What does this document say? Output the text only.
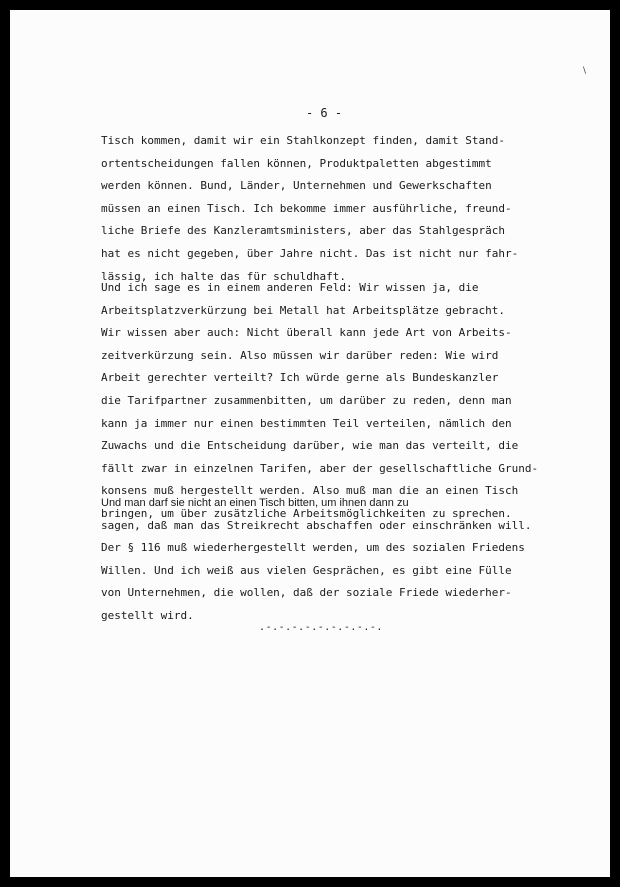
\
- 6 -

Tisch kommen, damit wir ein Stahlkonzept finden, damit Stand-
ortentscheidungen fallen können, Produktpaletten abgestimmt
werden können. Bund, Länder, Unternehmen und Gewerkschaften
müssen an einen Tisch. Ich bekomme immer ausführliche, freund-
liche Briefe des Kanzleramtsministers, aber das Stahlgespräch
hat es nicht gegeben, über Jahre nicht. Das ist nicht nur fahr-
lässig, ich halte das für schuldhaft.

Und ich sage es in einem anderen Feld: Wir wissen ja, die
Arbeitsplatzverkürzung bei Metall hat Arbeitsplätze gebracht.
Wir wissen aber auch: Nicht überall kann jede Art von Arbeits-
zeitverkürzung sein. Also müssen wir darüber reden: Wie wird
Arbeit gerechter verteilt? Ich würde gerne als Bundeskanzler
die Tarifpartner zusammenbitten, um darüber zu reden, denn man
kann ja immer nur einen bestimmten Teil verteilen, nämlich den
Zuwachs und die Entscheidung darüber, wie man das verteilt, die
fällt zwar in einzelnen Tarifen, aber der gesellschaftliche Grund-
konsens muß hergestellt werden. Also muß man die an einen Tisch
bringen, um über zusätzliche Arbeitsmöglichkeiten zu sprechen.

Und man darf sie nicht an einen Tisch bitten, um ihnen dann zu
sagen, daß man das Streikrecht abschaffen oder einschränken will.
Der § 116 muß wiederhergestellt werden, um des sozialen Friedens
Willen. Und ich weiß aus vielen Gesprächen, es gibt eine Fülle
von Unternehmen, die wollen, daß der soziale Friede wiederher-
gestellt wird.

.-.-.-.-.-.-.-.-.-.
